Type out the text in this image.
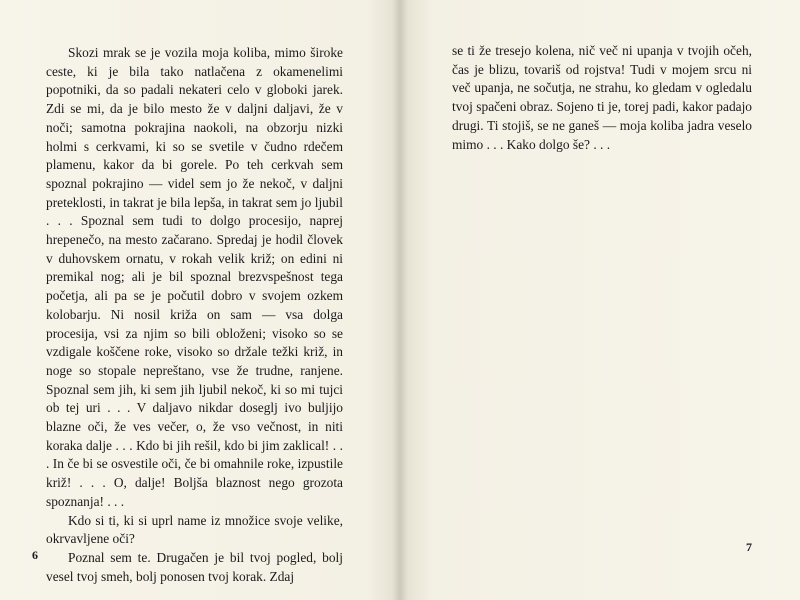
Skozi mrak se je vozila moja koliba, mimo široke ceste, ki je bila tako natlačena z okamenelimi popotniki, da so padali nekateri celo v globoki jarek. Zdi se mi, da je bilo mesto že v daljni daljavi, že v noči; samotna pokrajina naokoli, na obzorju nizki holmi s cerkvami, ki so se svetile v čudno rdečem plamenu, kakor da bi gorele. Po teh cerkvah sem spoznal pokrajino — videl sem jo že nekoč, v daljni preteklosti, in takrat je bila lepša, in takrat sem jo ljubil . . . Spoznal sem tudi to dolgo procesijo, naprej hrepenečo, na mesto začarano. Spredaj je hodil človek v duhovskem ornatu, v rokah velik križ; on edini ni premikal nog; ali je bil spoznal brezvspešnost tega početja, ali pa se je počutil dobro v svojem ozkem kolobarju. Ni nosil križa on sam — vsa dolga procesija, vsi za njim so bili obloženi; visoko so se vzdigale koščene roke, visoko so držale težki križ, in noge so stopale nepreštano, vse že trudne, ranjene. Spoznal sem jih, ki sem jih ljubil nekoč, ki so mi tujci ob tej uri . . . V daljavo nikdar doseglj ivo buljijo blazne oči, že ves večer, o, že vso večnost, in niti koraka dalje . . . Kdo bi jih rešil, kdo bi jim zaklical! . . . In če bi se osvestile oči, če bi omahnile roke, izpustile križ! . . . O, dalje! Boljša blaznost nego grozota spoznanja! . . .

Kdo si ti, ki si uprl name iz množice svoje velike, okrvavljene oči?

Poznal sem te. Drugačen je bil tvoj pogled, bolj vesel tvoj smeh, bolj ponosen tvoj korak. Zdaj

6

se ti že tresejo kolena, nič več ni upanja v tvojih očeh, čas je blizu, tovariš od rojstva! Tudi v mojem srcu ni več upanja, ne sočutja, ne strahu, ko gledam v ogledalu tvoj spačeni obraz. Sojeno ti je, torej padi, kakor padajo drugi. Ti stojiš, se ne ganeš — moja koliba jadra veselo mimo . . . Kako dolgo še? . . .

7
